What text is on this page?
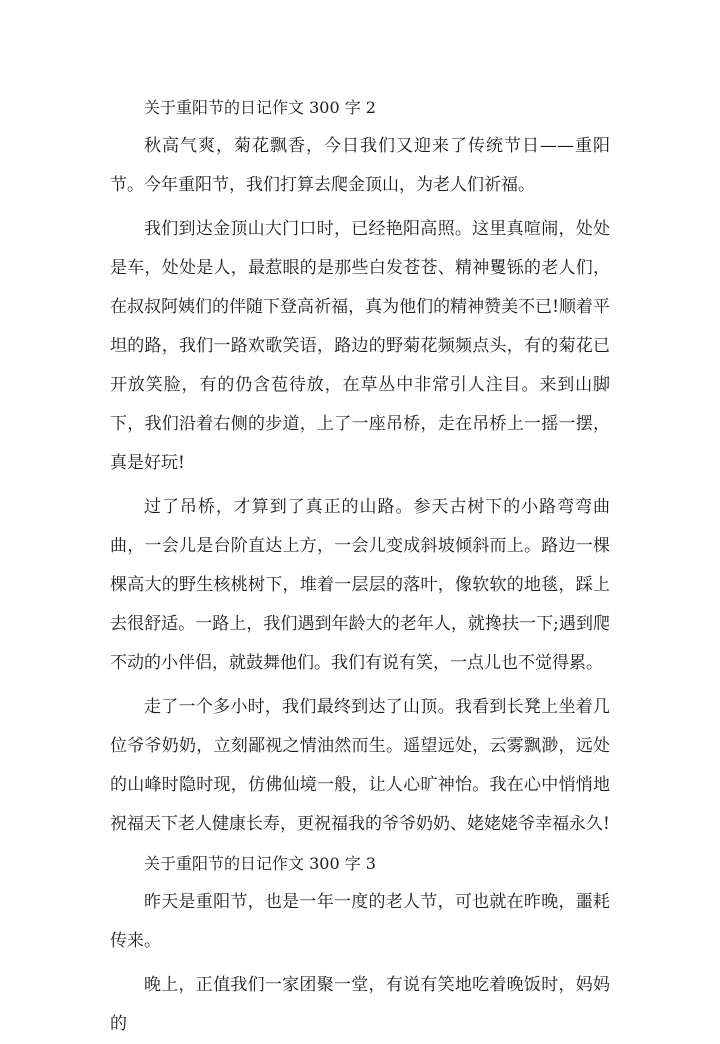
关于重阳节的日记作文 300 字 2

秋高气爽，菊花飘香，今日我们又迎来了传统节日——重阳节。今年重阳节，我们打算去爬金顶山，为老人们祈福。

我们到达金顶山大门口时，已经艳阳高照。这里真喧闹，处处是车，处处是人，最惹眼的是那些白发苍苍、精神矍铄的老人们，在叔叔阿姨们的伴随下登高祈福，真为他们的精神赞美不已!顺着平坦的路，我们一路欢歌笑语，路边的野菊花频频点头，有的菊花已开放笑脸，有的仍含苞待放，在草丛中非常引人注目。来到山脚下，我们沿着右侧的步道，上了一座吊桥，走在吊桥上一摇一摆，真是好玩!

过了吊桥，才算到了真正的山路。参天古树下的小路弯弯曲曲，一会儿是台阶直达上方，一会儿变成斜坡倾斜而上。路边一棵棵高大的野生核桃树下，堆着一层层的落叶，像软软的地毯，踩上去很舒适。一路上，我们遇到年龄大的老年人，就搀扶一下;遇到爬不动的小伴侣，就鼓舞他们。我们有说有笑，一点儿也不觉得累。

走了一个多小时，我们最终到达了山顶。我看到长凳上坐着几位爷爷奶奶，立刻鄙视之情油然而生。遥望远处，云雾飘渺，远处的山峰时隐时现，仿佛仙境一般，让人心旷神怡。我在心中悄悄地祝福天下老人健康长寿，更祝福我的爷爷奶奶、姥姥姥爷幸福永久!

关于重阳节的日记作文 300 字 3

昨天是重阳节，也是一年一度的老人节，可也就在昨晚，噩耗传来。

晚上，正值我们一家团聚一堂，有说有笑地吃着晚饭时，妈妈的
